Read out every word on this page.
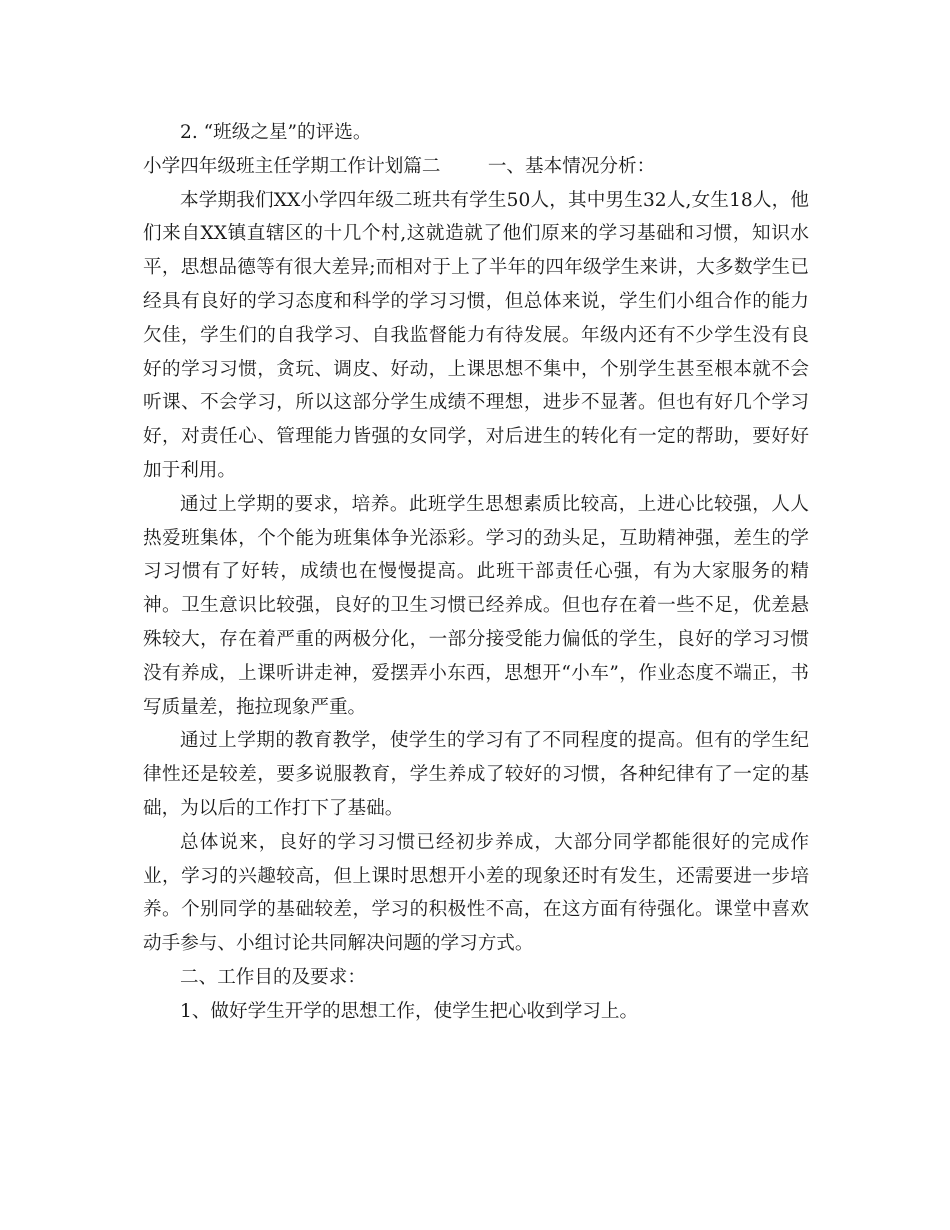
2. “班级之星”的评选。

小学四年级班主任学期工作计划篇二	一、基本情况分析：

本学期我们XX小学四年级二班共有学生50人，其中男生32人,女生18人，他们来自XX镇直辖区的十几个村,这就造就了他们原来的学习基础和习惯，知识水平，思想品德等有很大差异;而相对于上了半年的四年级学生来讲，大多数学生已经具有良好的学习态度和科学的学习习惯，但总体来说，学生们小组合作的能力欠佳，学生们的自我学习、自我监督能力有待发展。年级内还有不少学生没有良好的学习习惯，贪玩、调皮、好动，上课思想不集中，个别学生甚至根本就不会听课、不会学习，所以这部分学生成绩不理想，进步不显著。但也有好几个学习好，对责任心、管理能力皆强的女同学，对后进生的转化有一定的帮助，要好好加于利用。

通过上学期的要求，培养。此班学生思想素质比较高，上进心比较强，人人热爱班集体，个个能为班集体争光添彩。学习的劲头足，互助精神强，差生的学习习惯有了好转，成绩也在慢慢提高。此班干部责任心强，有为大家服务的精神。卫生意识比较强，良好的卫生习惯已经养成。但也存在着一些不足，优差悬殊较大，存在着严重的两极分化，一部分接受能力偏低的学生，良好的学习习惯没有养成，上课听讲走神，爱摆弄小东西，思想开“小车”，作业态度不端正，书写质量差，拖拉现象严重。

通过上学期的教育教学，使学生的学习有了不同程度的提高。但有的学生纪律性还是较差，要多说服教育，学生养成了较好的习惯，各种纪律有了一定的基础，为以后的工作打下了基础。

总体说来，良好的学习习惯已经初步养成，大部分同学都能很好的完成作业，学习的兴趣较高，但上课时思想开小差的现象还时有发生，还需要进一步培养。个别同学的基础较差，学习的积极性不高，在这方面有待强化。课堂中喜欢动手参与、小组讨论共同解决问题的学习方式。

二、工作目的及要求：

1、做好学生开学的思想工作，使学生把心收到学习上。
